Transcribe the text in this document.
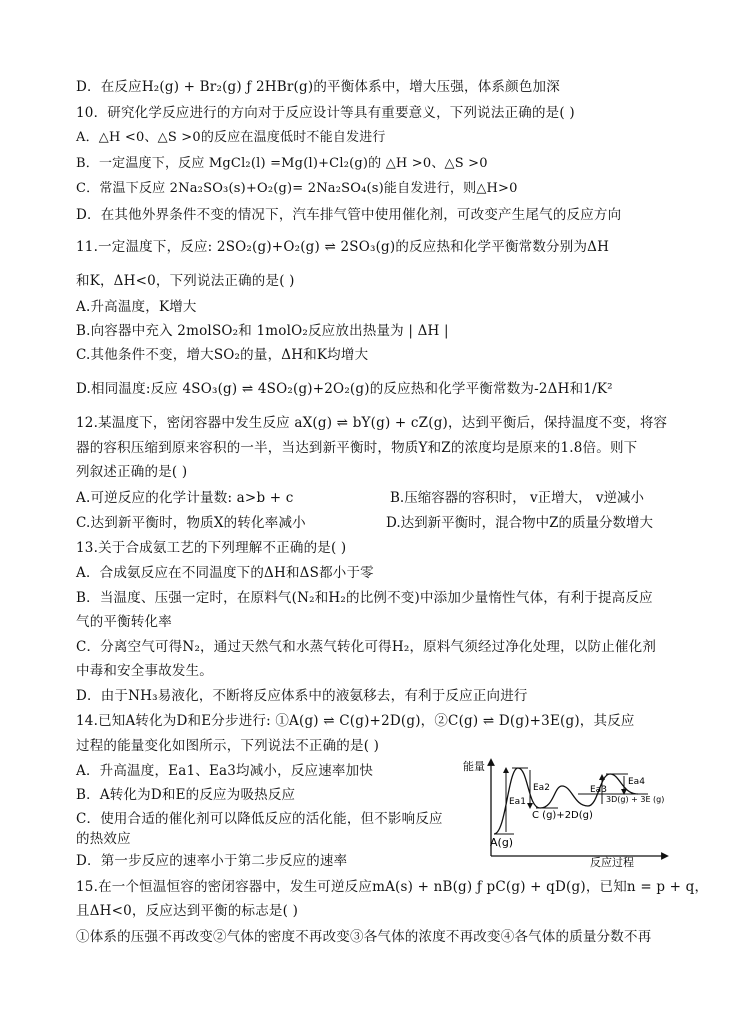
D．在反应H₂(g) + Br₂(g) ƒ 2HBr(g)的平衡体系中，增大压强，体系颜色加深
10．研究化学反应进行的方向对于反应设计等具有重要意义，下列说法正确的是( )
A．△H <0、△S >0的反应在温度低时不能自发进行
B．一定温度下，反应 MgCl₂(l) =Mg(l)+Cl₂(g)的 △H >0、△S >0
C．常温下反应 2Na₂SO₃(s)+O₂(g)= 2Na₂SO₄(s)能自发进行，则△H>0
D．在其他外界条件不变的情况下，汽车排气管中使用催化剂，可改变产生尾气的反应方向
11.一定温度下，反应: 2SO₂(g)+O₂(g) ⇌ 2SO₃(g)的反应热和化学平衡常数分别为ΔH
和K，ΔH<0，下列说法正确的是( )
A.升高温度，K增大
B.向容器中充入 2molSO₂和 1molO₂反应放出热量为 | ΔH |
C.其他条件不变，增大SO₂的量，ΔH和K均增大
D.相同温度:反应 4SO₃(g) ⇌ 4SO₂(g)+2O₂(g)的反应热和化学平衡常数为-2ΔH和1/K²
12.某温度下，密闭容器中发生反应 aX(g) ⇌ bY(g) + cZ(g)，达到平衡后，保持温度不变，将容
器的容积压缩到原来容积的一半，当达到新平衡时，物质Y和Z的浓度均是原来的1.8倍。则下
列叙述正确的是( )
A.可逆反应的化学计量数: a>b + c	B.压缩容器的容积时， v正增大， v逆减小
C.达到新平衡时，物质X的转化率减小	D.达到新平衡时，混合物中Z的质量分数增大
13.关于合成氨工艺的下列理解不正确的是( )
A．合成氨反应在不同温度下的ΔH和ΔS都小于零
B．当温度、压强一定时，在原料气(N₂和H₂的比例不变)中添加少量惰性气体，有利于提高反应
气的平衡转化率
C．分离空气可得N₂，通过天然气和水蒸气转化可得H₂，原料气须经过净化处理，以防止催化剂
中毒和安全事故发生。
D．由于NH₃易液化，不断将反应体系中的液氨移去，有利于反应正向进行
14.已知A转化为D和E分步进行: ①A(g) ⇌ C(g)+2D(g)，②C(g) ⇌ D(g)+3E(g)，其反应
过程的能量变化如图所示，下列说法不正确的是( )
A．升高温度，Ea1、Ea3均减小，反应速率加快
B．A转化为D和E的反应为吸热反应
C．使用合适的催化剂可以降低反应的活化能，但不影响反应
的热效应
D．第一步反应的速率小于第二步反应的速率
15.在一个恒温恒容的密闭容器中，发生可逆反应mA(s) + nB(g) ƒ pC(g) + qD(g)，已知n = p + q，
且ΔH<0，反应达到平衡的标志是( )
①体系的压强不再改变②气体的密度不再改变③各气体的浓度不再改变④各气体的质量分数不再
能量
反应过程
Ea1
Ea2	Ea3
Ea4
A(g)
C (g)+2D(g)
3D(g) + 3E (g)
